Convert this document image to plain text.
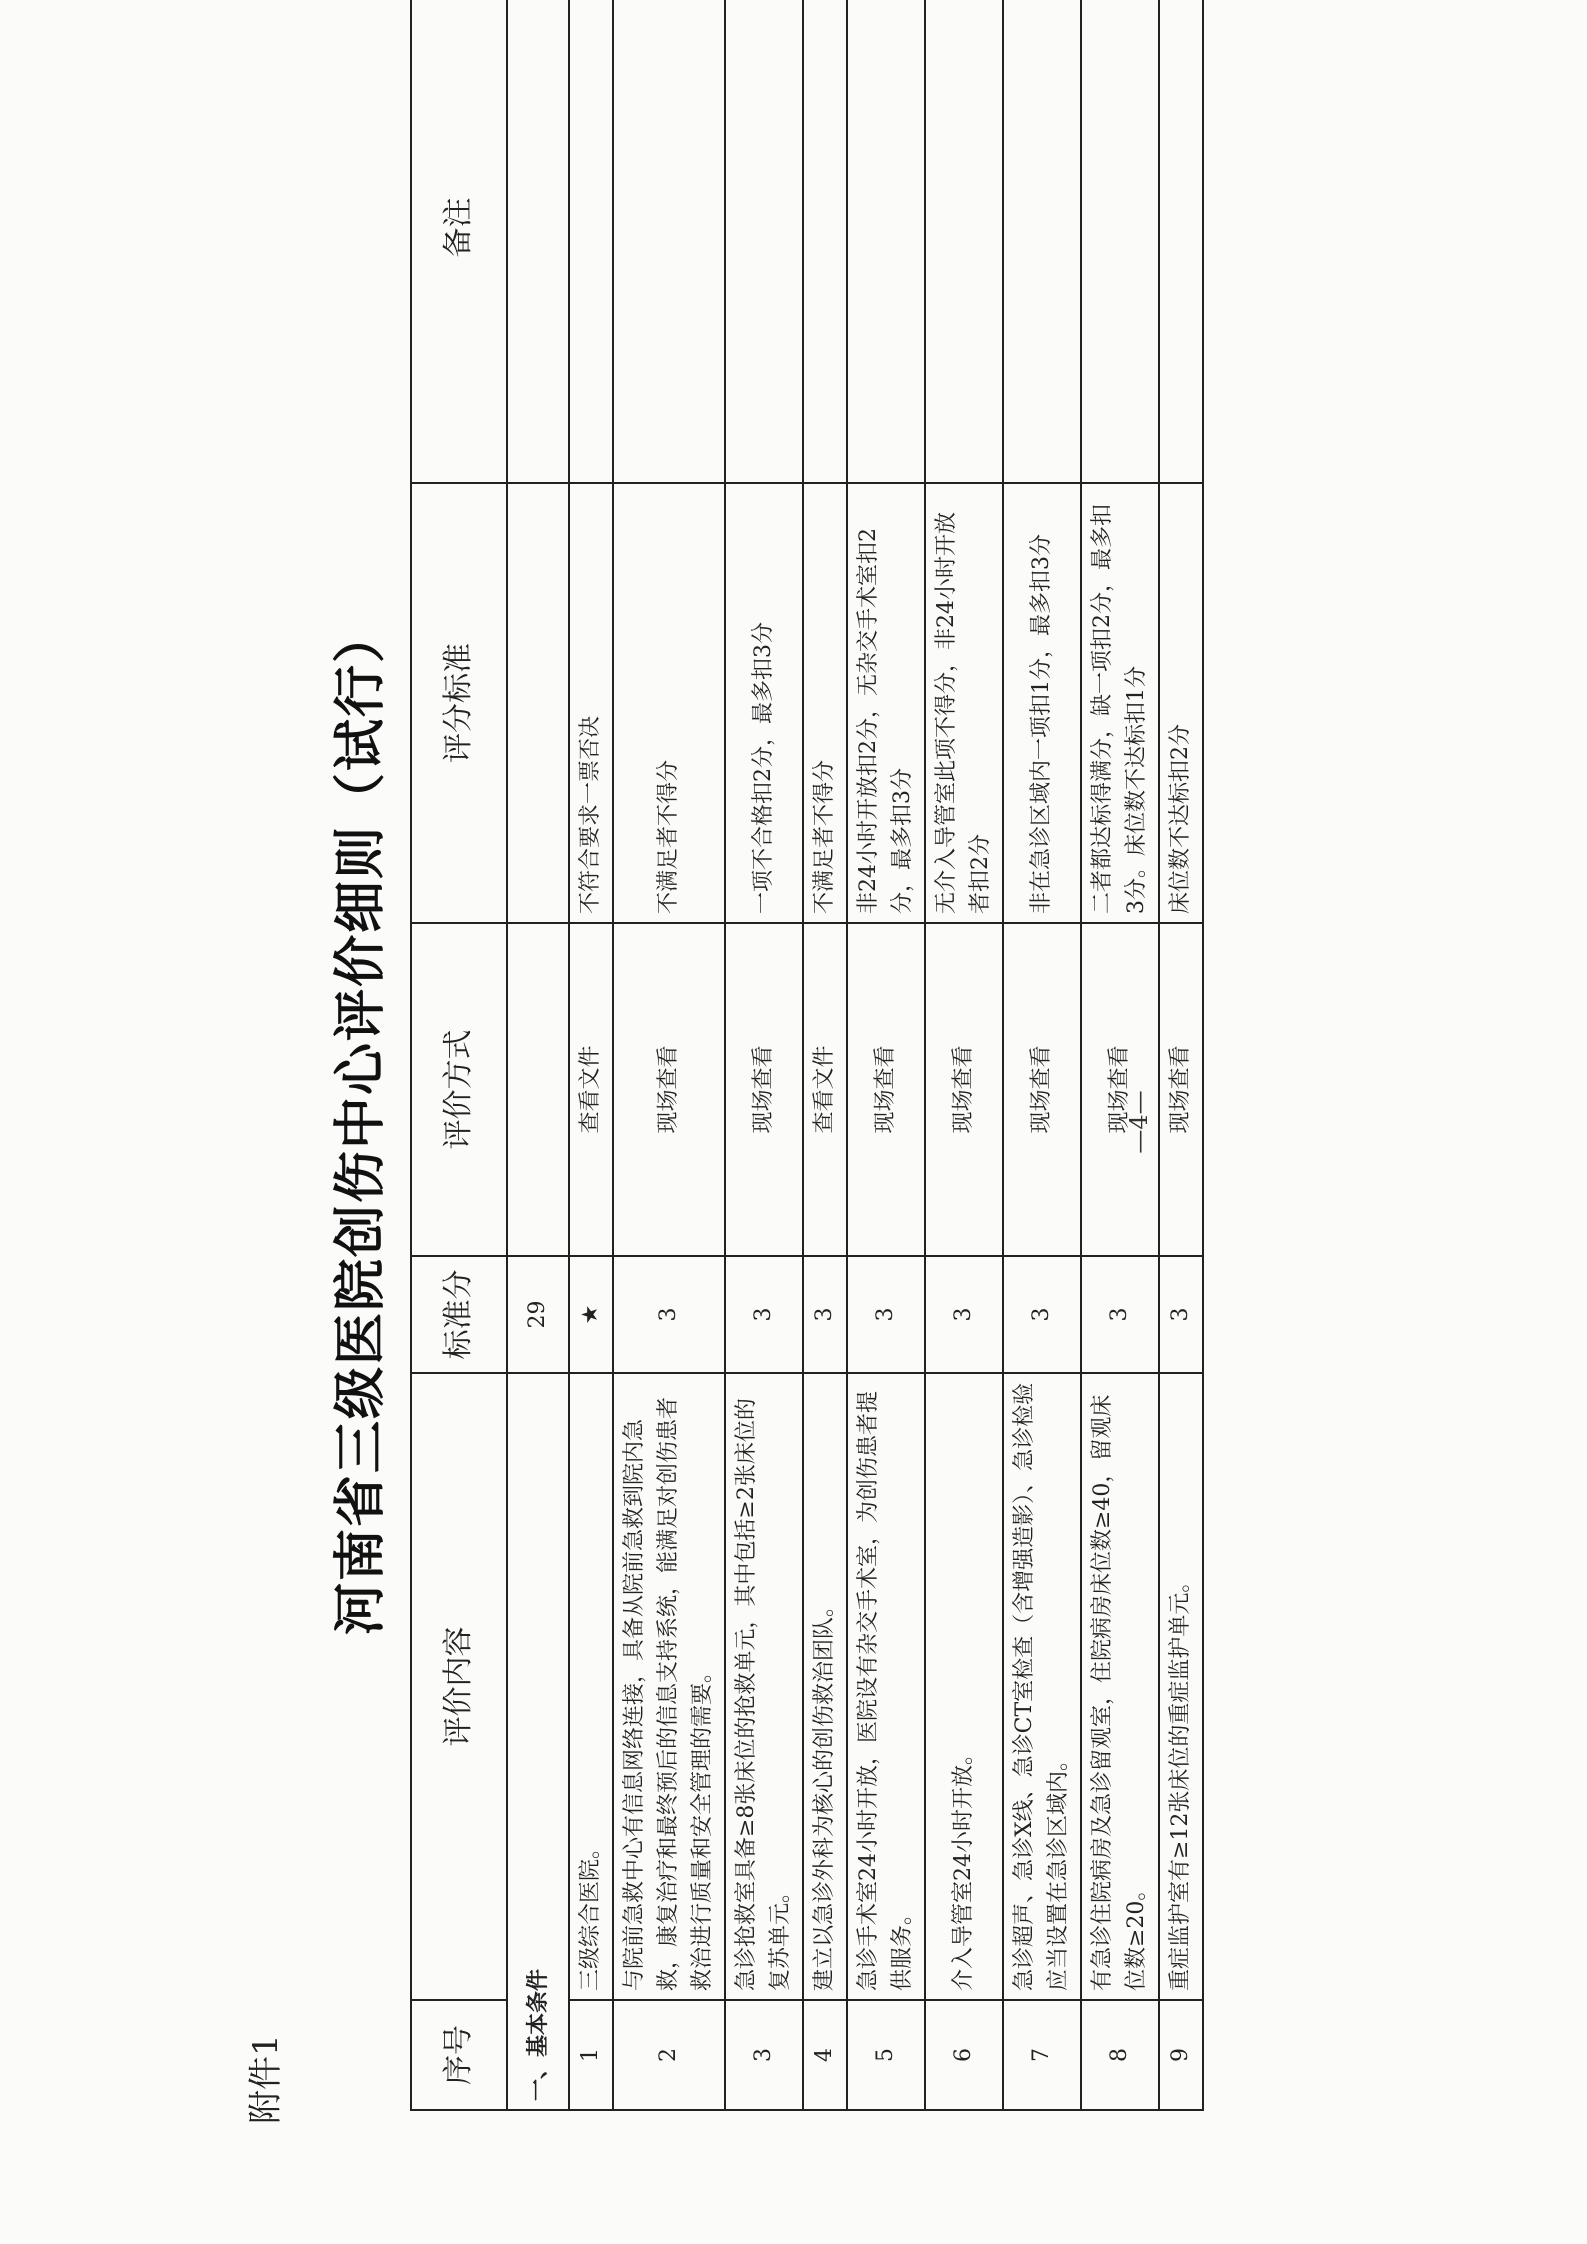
附件1
河南省三级医院创伤中心评价细则（试行）
序号	评价内容	标准分	评价方式	评分标准	备注
一、基本条件		29			
1	三级综合医院。	★	查看文件	不符合要求一票否决	
2	与院前急救中心有信息网络连接，具备从院前急救到院内急救，康复治疗和最终预后的信息支持系统，能满足对创伤患者救治进行质量和安全管理的需要。	3	现场查看	不满足者不得分	
3	急诊抢救室具备≥8张床位的抢救单元，其中包括≥2张床位的复苏单元。	3	现场查看	一项不合格扣2分，最多扣3分	
4	建立以急诊外科为核心的创伤救治团队。	3	查看文件	不满足者不得分	
5	急诊手术室24小时开放，医院设有杂交手术室，为创伤患者提供服务。	3	现场查看	非24小时开放扣2分，无杂交手术室扣2分，最多扣3分	
6	介入导管室24小时开放。	3	现场查看	无介入导管室此项不得分，非24小时开放者扣2分	
7	急诊超声、急诊X线、急诊CT室检查（含增强造影）、急诊检验应当设置在急诊区域内。	3	现场查看	非在急诊区域内一项扣1分，最多扣3分	
8	有急诊住院病房及急诊留观室，住院病房床位数≥40，留观床位数≥20。	3	现场查看	二者都达标得满分，缺一项扣2分，最多扣3分。床位数不达标扣1分	
9	重症监护室有≥12张床位的重症监护单元。	3	现场查看	床位数不达标扣2分	
—4—
